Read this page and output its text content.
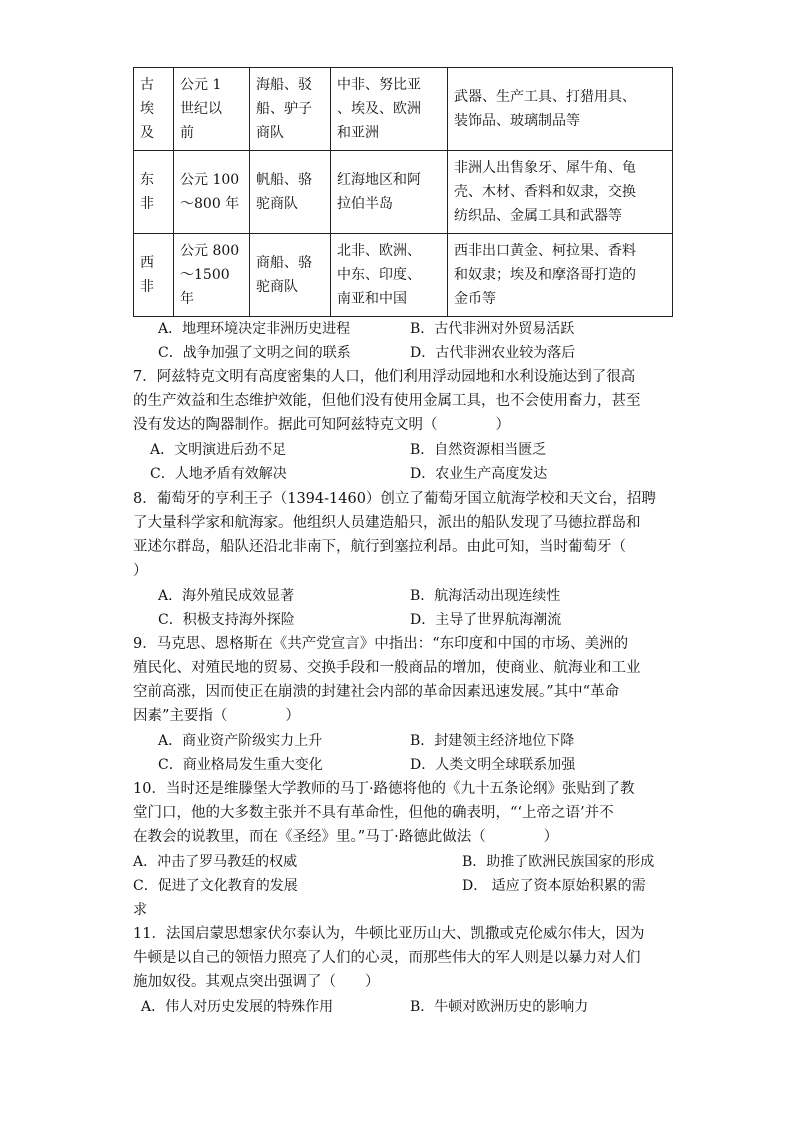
古
埃
及	公元 1
世纪以
前	海船、驳
船、驴子
商队	中非、努比亚
、埃及、欧洲
和亚洲	武器、生产工具、打猎用具、
装饰品、玻璃制品等
东
非	公元 100
～800 年	帆船、骆
驼商队	红海地区和阿
拉伯半岛	非洲人出售象牙、犀牛角、龟
壳、木材、香料和奴隶，交换
纺织品、金属工具和武器等
西
非	公元 800
～1500
年	商船、骆
驼商队	北非、欧洲、
中东、印度、
南亚和中国	西非出口黄金、柯拉果、香料
和奴隶；埃及和摩洛哥打造的
金币等
A．地理环境决定非洲历史进程	B．古代非洲对外贸易活跃
C．战争加强了文明之间的联系	D．古代非洲农业较为落后
7．阿兹特克文明有高度密集的人口，他们利用浮动园地和水利设施达到了很高
的生产效益和生态维护效能，但他们没有使用金属工具，也不会使用畜力，甚至
没有发达的陶器制作。据此可知阿兹特克文明（　　　　）
A．文明演进后劲不足	B．自然资源相当匮乏
C．人地矛盾有效解决	D．农业生产高度发达
8．葡萄牙的亨利王子（1394-1460）创立了葡萄牙国立航海学校和天文台，招聘
了大量科学家和航海家。他组织人员建造船只，派出的船队发现了马德拉群岛和
亚述尔群岛，船队还沿北非南下，航行到塞拉利昂。由此可知，当时葡萄牙（
）
A．海外殖民成效显著	B．航海活动出现连续性
C．积极支持海外探险	D．主导了世界航海潮流
9．马克思、恩格斯在《共产党宣言》中指出：“东印度和中国的市场、美洲的
殖民化、对殖民地的贸易、交换手段和一般商品的增加，使商业、航海业和工业
空前高涨，因而使正在崩溃的封建社会内部的革命因素迅速发展。”其中“革命
因素”主要指（　　　　）
A．商业资产阶级实力上升	B．封建领主经济地位下降
C．商业格局发生重大变化	D．人类文明全球联系加强
10．当时还是维滕堡大学教师的马丁·路德将他的《九十五条论纲》张贴到了教
堂门口，他的大多数主张并不具有革命性，但他的确表明，“‘上帝之语’并不
在教会的说教里，而在《圣经》里。”马丁·路德此做法（　　　　）
A．冲击了罗马教廷的权威	B．助推了欧洲民族国家的形成
C．促进了文化教育的发展	D． 适应了资本原始积累的需
求
11．法国启蒙思想家伏尔泰认为，牛顿比亚历山大、凯撒或克伦威尔伟大，因为
牛顿是以自己的领悟力照亮了人们的心灵，而那些伟大的军人则是以暴力对人们
施加奴役。其观点突出强调了（　　）
A．伟人对历史发展的特殊作用	B．牛顿对欧洲历史的影响力
